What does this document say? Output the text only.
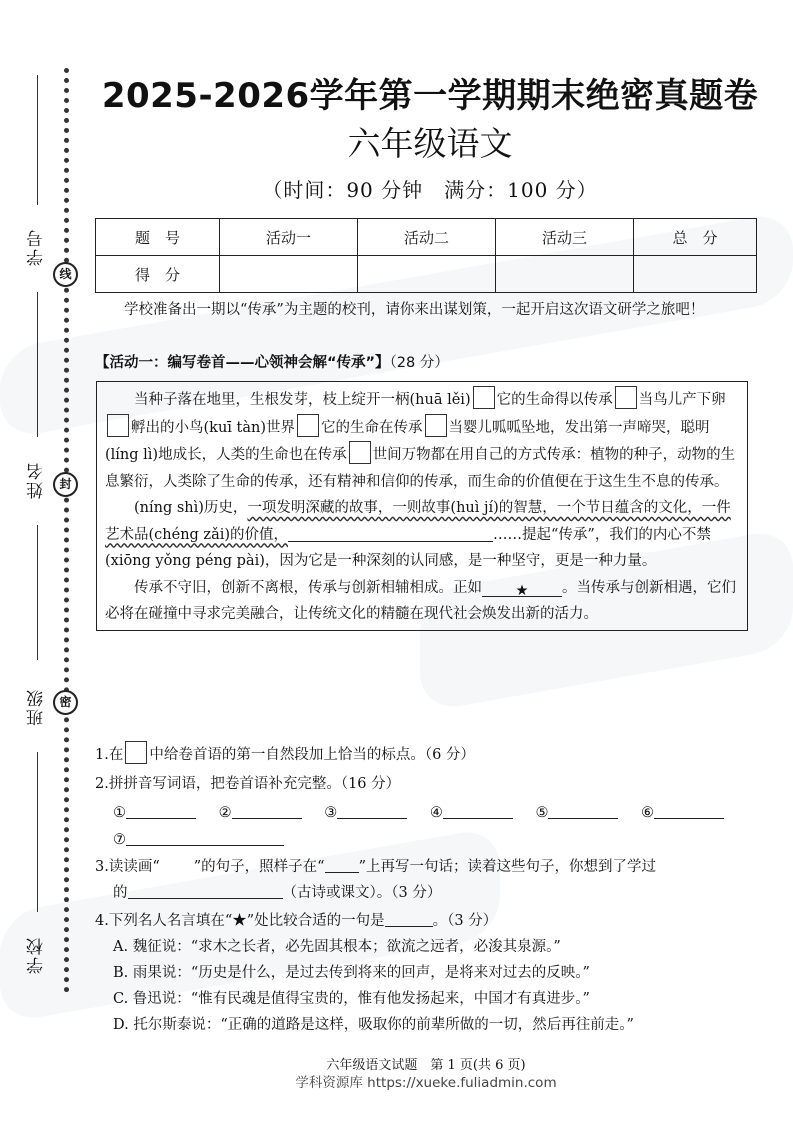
学号
姓名
班级
学校
线
封
密
2025-2026学年第一学期期末绝密真题卷
六年级语文
（时间：90 分钟　满分：100 分）
题　号	活动一	活动二	活动三	总　分
得　分				
学校准备出一期以“传承”为主题的校刊，请你来出谋划策，一起开启这次语文研学之旅吧！
【活动一：编写卷首——心领神会解“传承”】（28 分）

当种子落在地里，生根发芽，枝上绽开一柄(huā lěi) 它的生命得以传承 当鸟儿产下卵孵出的小鸟(kuī tàn)世界 它的生命在传承 当婴儿呱呱坠地，发出第一声啼哭，聪明(líng lì)地成长，人类的生命也在传承 世间万物都在用自己的方式传承：植物的种子，动物的生息繁衍，人类除了生命的传承，还有精神和信仰的传承，而生命的价值便在于这生生不息的传承。

(níng shì)历史，一项发明深藏的故事，一则故事(huì jí)的智慧，一个节日蕴含的文化，一件艺术品(chéng zǎi)的价值，	……提起“传承”，我们的内心不禁(xiōng yǒng péng pài)，因为它是一种深刻的认同感，是一种坚守，更是一种力量。

传承不守旧，创新不离根，传承与创新相辅相成。正如 ★ 。当传承与创新相遇，它们必将在碰撞中寻求完美融合，让传统文化的精髓在现代社会焕发出新的活力。

1.在 中给卷首语的第一自然段加上恰当的标点。（6 分）
2.拼拼音写词语，把卷首语补充完整。（16 分）
①	②	③	④	⑤	⑥
⑦
3.读读画“ ”的句子，照样子在“ ”上再写一句话；读着这些句子，你想到了学过
的	（古诗或课文）。（3 分）
4.下列名人名言填在“★”处比较合适的一句是	。（3 分）
A. 魏征说：“求木之长者，必先固其根本；欲流之远者，必浚其泉源。”
B. 雨果说：“历史是什么，是过去传到将来的回声，是将来对过去的反映。”
C. 鲁迅说：“惟有民魂是值得宝贵的，惟有他发扬起来，中国才有真进步。”
D. 托尔斯泰说：“正确的道路是这样，吸取你的前辈所做的一切，然后再往前走。”
六年级语文试题　第 1 页(共 6 页)
学科资源库 https://xueke.fuliadmin.com
